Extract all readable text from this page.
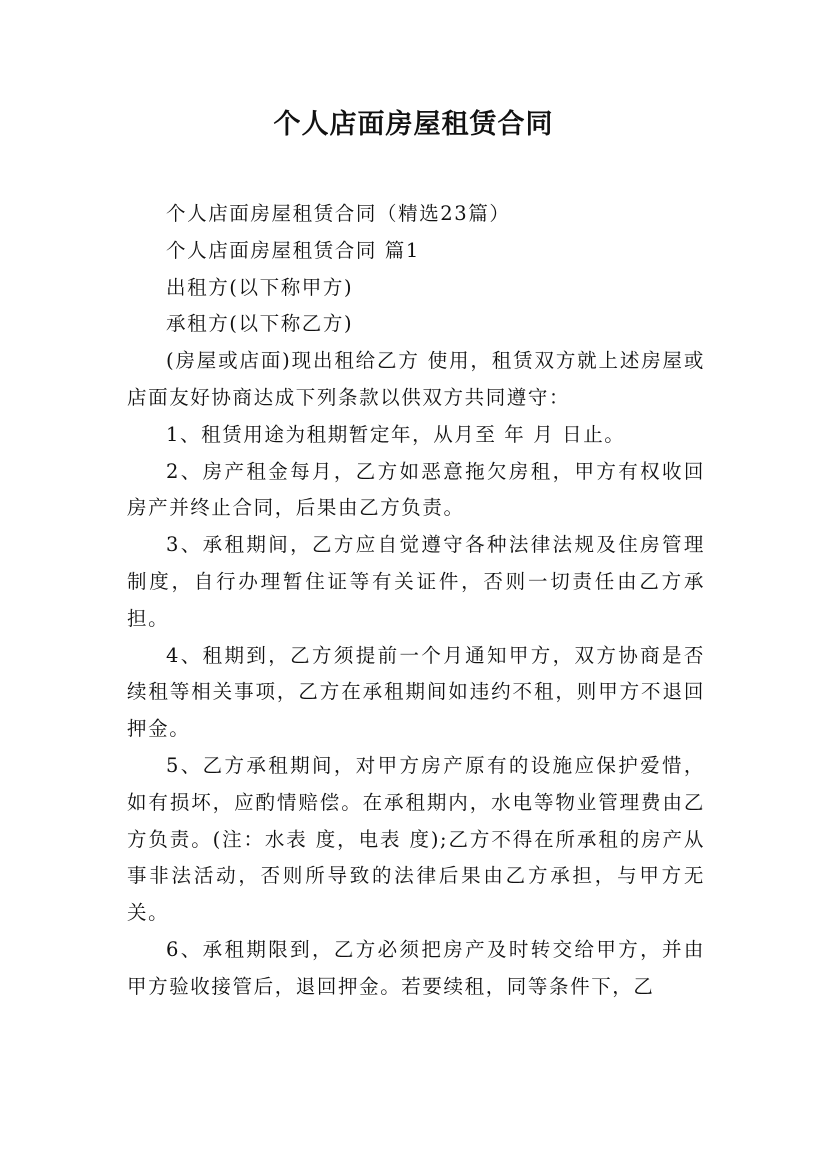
个人店面房屋租赁合同

个人店面房屋租赁合同（精选23篇）

个人店面房屋租赁合同 篇1

出租方(以下称甲方)

承租方(以下称乙方)

(房屋或店面)现出租给乙方 使用，租赁双方就上述房屋或店面友好协商达成下列条款以供双方共同遵守：

1、租赁用途为租期暂定年，从月至 年 月 日止。

2、房产租金每月，乙方如恶意拖欠房租，甲方有权收回房产并终止合同，后果由乙方负责。

3、承租期间，乙方应自觉遵守各种法律法规及住房管理制度，自行办理暂住证等有关证件，否则一切责任由乙方承担。

4、租期到，乙方须提前一个月通知甲方，双方协商是否续租等相关事项，乙方在承租期间如违约不租，则甲方不退回押金。

5、乙方承租期间，对甲方房产原有的设施应保护爱惜，如有损坏，应酌情赔偿。在承租期内，水电等物业管理费由乙方负责。(注：水表 度，电表 度);乙方不得在所承租的房产从事非法活动，否则所导致的法律后果由乙方承担，与甲方无关。

6、承租期限到，乙方必须把房产及时转交给甲方，并由甲方验收接管后，退回押金。若要续租，同等条件下，乙
